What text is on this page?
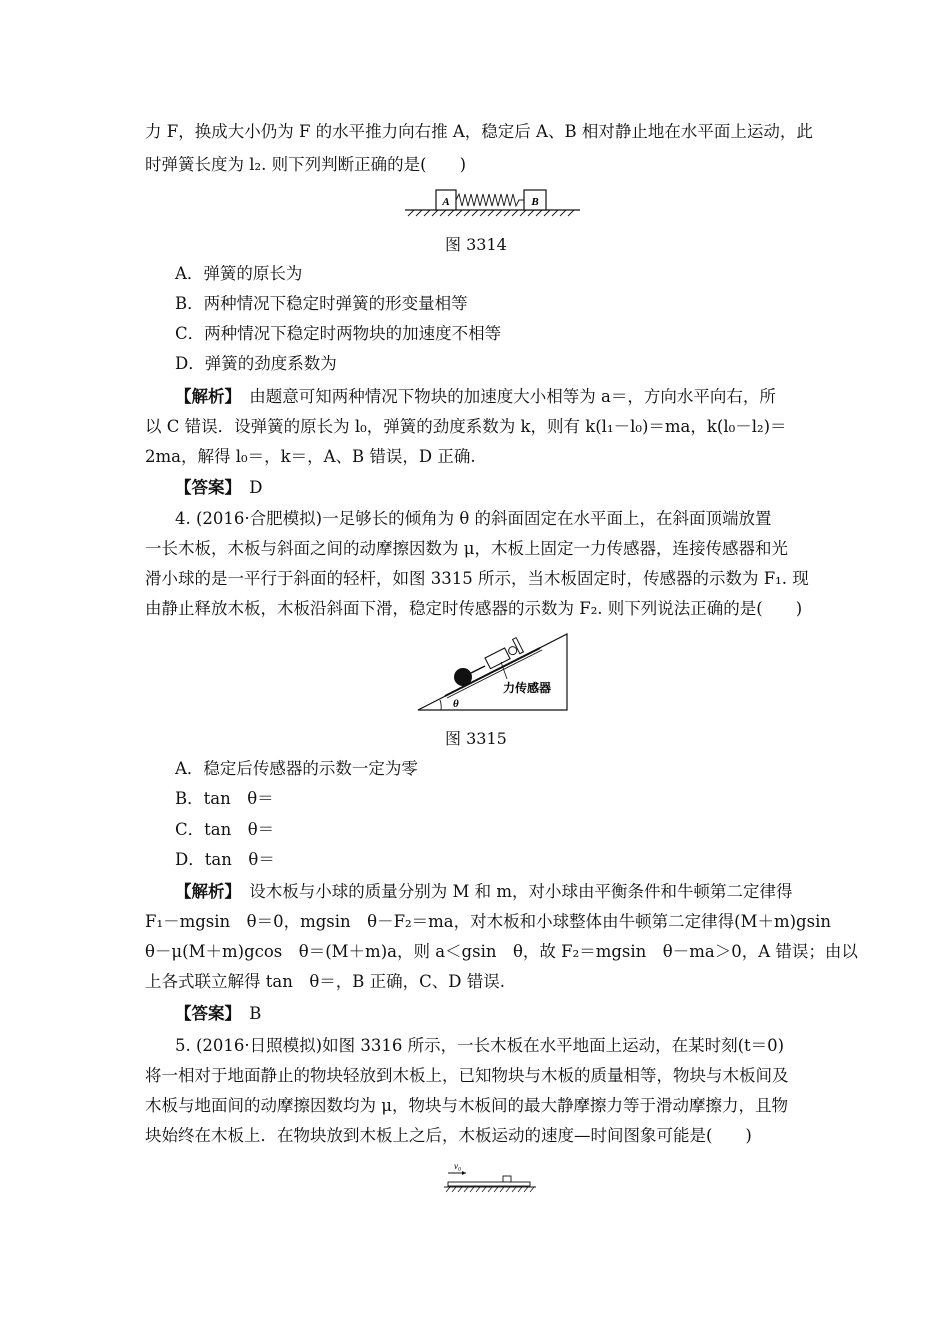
力 F，换成大小仍为 F 的水平推力向右推 A，稳定后 A、B 相对静止地在水平面上运动，此
时弹簧长度为 l₂. 则下列判断正确的是(　　)
A	B
图 3314
A．弹簧的原长为
B．两种情况下稳定时弹簧的形变量相等
C．两种情况下稳定时两物块的加速度不相等
D．弹簧的劲度系数为
【解析】　 由题意可知两种情况下物块的加速度大小相等为 a＝，方向水平向右，所
以 C 错误．设弹簧的原长为 l₀，弹簧的劲度系数为 k，则有 k(l₁－l₀)＝ma，k(l₀－l₂)＝
2ma，解得 l₀＝，k＝，A、B 错误，D 正确.
【答案】　 D
4. (2016·合肥模拟)一足够长的倾角为 θ 的斜面固定在水平面上，在斜面顶端放置
一长木板，木板与斜面之间的动摩擦因数为 μ，木板上固定一力传感器，连接传感器和光
滑小球的是一平行于斜面的轻杆，如图 3315 所示，当木板固定时，传感器的示数为 F₁. 现
由静止释放木板，木板沿斜面下滑，稳定时传感器的示数为 F₂. 则下列说法正确的是(　　)
力传感器
θ
图 3315
A．稳定后传感器的示数一定为零
B．tan　θ＝
C．tan　θ＝
D．tan　θ＝
【解析】　 设木板与小球的质量分别为 M 和 m，对小球由平衡条件和牛顿第二定律得
F₁－mgsin　θ＝0，mgsin　θ－F₂＝ma，对木板和小球整体由牛顿第二定律得(M＋m)gsin
θ－μ(M＋m)gcos　θ＝(M＋m)a，则 a＜gsin　θ，故 F₂＝mgsin　θ－ma＞0，A 错误；由以
上各式联立解得 tan　θ＝，B 正确，C、D 错误.
【答案】　 B
5. (2016·日照模拟)如图 3316 所示，一长木板在水平地面上运动，在某时刻(t＝0)
将一相对于地面静止的物块轻放到木板上，已知物块与木板的质量相等，物块与木板间及
木板与地面间的动摩擦因数均为 μ，物块与木板间的最大静摩擦力等于滑动摩擦力，且物
块始终在木板上．在物块放到木板上之后，木板运动的速度—时间图象可能是(　　)
v₀
